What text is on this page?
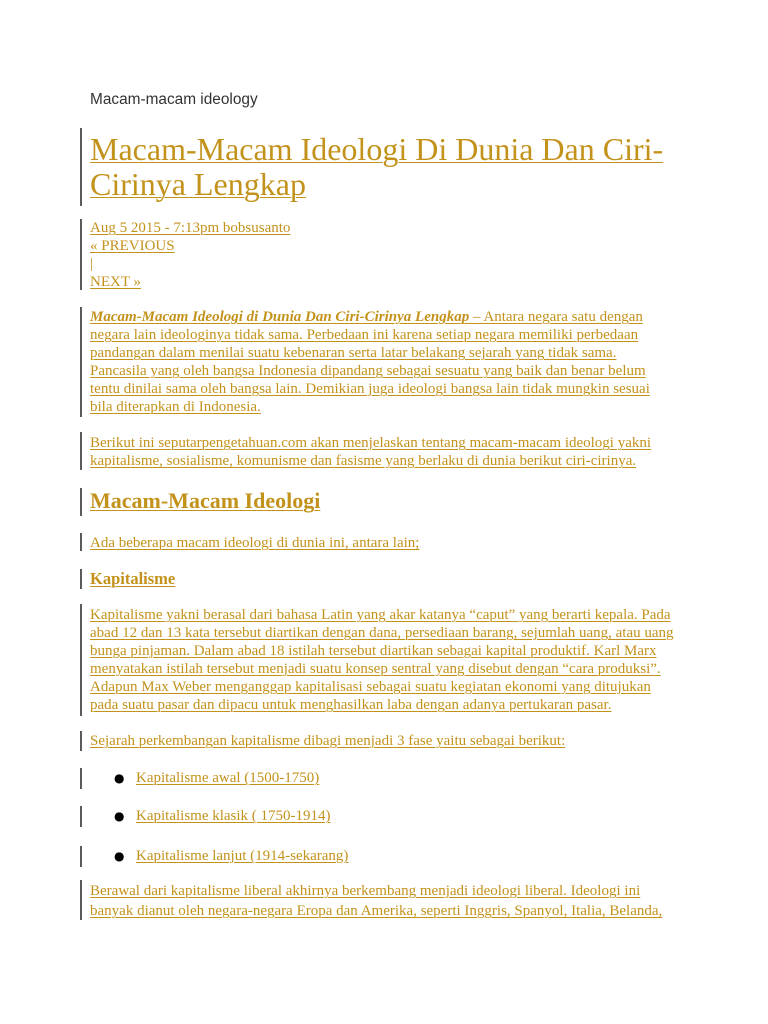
Macam-macam ideology
Macam-Macam Ideologi Di Dunia Dan Ciri-
Cirinya Lengkap
Aug 5 2015 - 7:13pm bobsusanto
« PREVIOUS
|
NEXT »
Macam-Macam Ideologi di Dunia Dan Ciri-Cirinya Lengkap – Antara negara satu dengan
negara lain ideologinya tidak sama. Perbedaan ini karena setiap negara memiliki perbedaan
pandangan dalam menilai suatu kebenaran serta latar belakang sejarah yang tidak sama.
Pancasila yang oleh bangsa Indonesia dipandang sebagai sesuatu yang baik dan benar belum
tentu dinilai sama oleh bangsa lain. Demikian juga ideologi bangsa lain tidak mungkin sesuai
bila diterapkan di Indonesia.
Berikut ini seputarpengetahuan.com akan menjelaskan tentang macam-macam ideologi yakni
kapitalisme, sosialisme, komunisme dan fasisme yang berlaku di dunia berikut ciri-cirinya.
Macam-Macam Ideologi
Ada beberapa macam ideologi di dunia ini, antara lain;
Kapitalisme
Kapitalisme yakni berasal dari bahasa Latin yang akar katanya “caput” yang berarti kepala. Pada
abad 12 dan 13 kata tersebut diartikan dengan dana, persediaan barang, sejumlah uang, atau uang
bunga pinjaman. Dalam abad 18 istilah tersebut diartikan sebagai kapital produktif. Karl Marx
menyatakan istilah tersebut menjadi suatu konsep sentral yang disebut dengan “cara produksi”.
Adapun Max Weber menganggap kapitalisasi sebagai suatu kegiatan ekonomi yang ditujukan
pada suatu pasar dan dipacu untuk menghasilkan laba dengan adanya pertukaran pasar.
Sejarah perkembangan kapitalisme dibagi menjadi 3 fase yaitu sebagai berikut:
● Kapitalisme awal (1500-1750)
● Kapitalisme klasik ( 1750-1914)
● Kapitalisme lanjut (1914-sekarang)
Berawal dari kapitalisme liberal akhirnya berkembang menjadi ideologi liberal. Ideologi ini
banyak dianut oleh negara-negara Eropa dan Amerika, seperti Inggris, Spanyol, Italia, Belanda,
